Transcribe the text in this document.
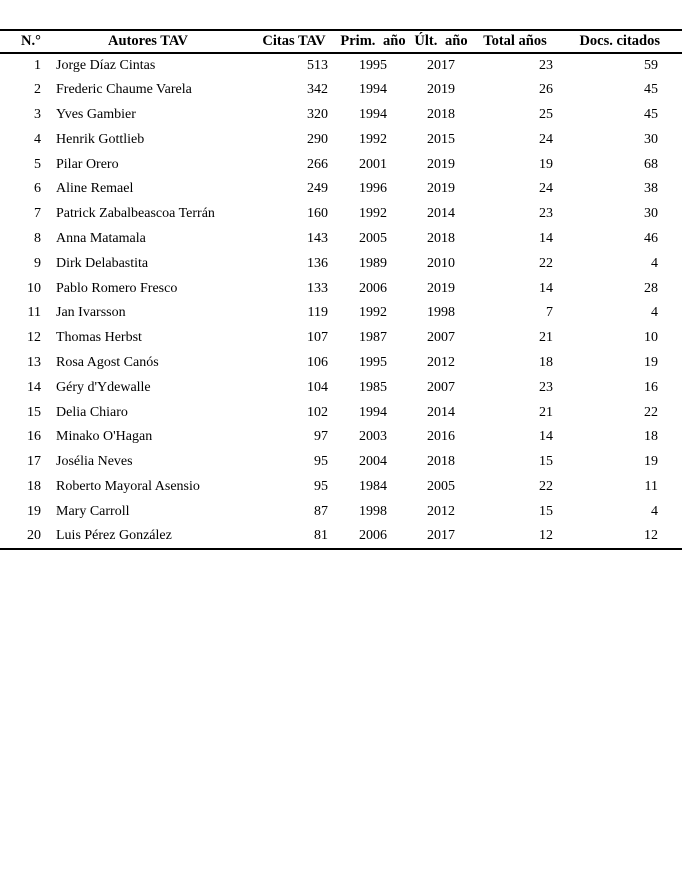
N.°	Autores TAV	Citas TAV	Prim. año	Últ. año	Total años	Docs. citados
1	Jorge Díaz Cintas	513	1995	2017	23	59
2	Frederic Chaume Varela	342	1994	2019	26	45
3	Yves Gambier	320	1994	2018	25	45
4	Henrik Gottlieb	290	1992	2015	24	30
5	Pilar Orero	266	2001	2019	19	68
6	Aline Remael	249	1996	2019	24	38
7	Patrick Zabalbeascoa Terrán	160	1992	2014	23	30
8	Anna Matamala	143	2005	2018	14	46
9	Dirk Delabastita	136	1989	2010	22	4
10	Pablo Romero Fresco	133	2006	2019	14	28
11	Jan Ivarsson	119	1992	1998	7	4
12	Thomas Herbst	107	1987	2007	21	10
13	Rosa Agost Canós	106	1995	2012	18	19
14	Géry d'Ydewalle	104	1985	2007	23	16
15	Delia Chiaro	102	1994	2014	21	22
16	Minako O'Hagan	97	2003	2016	14	18
17	Josélia Neves	95	2004	2018	15	19
18	Roberto Mayoral Asensio	95	1984	2005	22	11
19	Mary Carroll	87	1998	2012	15	4
20	Luis Pérez González	81	2006	2017	12	12
